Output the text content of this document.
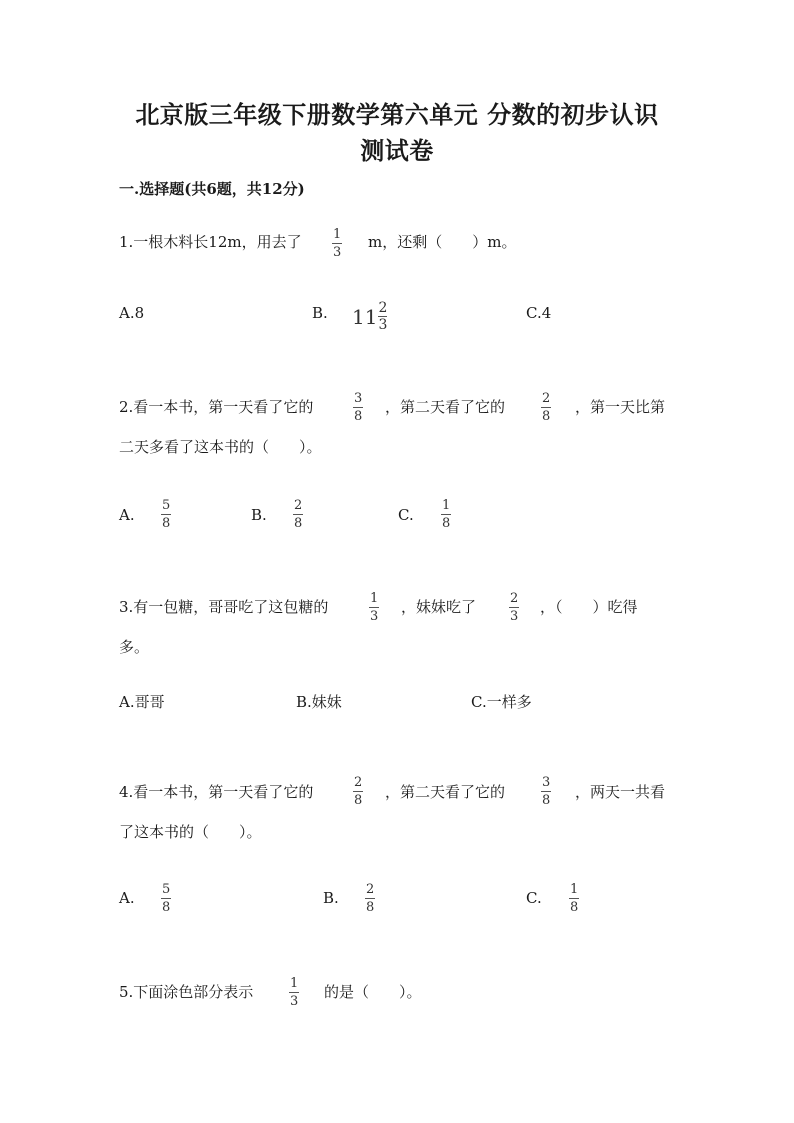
北京版三年级下册数学第六单元 分数的初步认识
测试卷
一.选择题(共6题，共12分)
1.一根木料长12m，用去了 1
3
m，还剩（　　）m。
A.8	B. 11 2
3
C.4
2.看一本书，第一天看了它的	3
8
，第二天看了它的	2
8
，第一天比第
二天多看了这本书的（　　）。
A.
5
8	B.
2
8	C.
1
8
3.有一包糖，哥哥吃了这包糖的	1
3
，妹妹吃了	2
3
，（　　）吃得
多。
A.哥哥	B.妹妹	C.一样多
4.看一本书，第一天看了它的
2
8 ，第二天看了它的
3
8 ，两天一共看
了这本书的（　　）。
A. 5
8
B. 2
8
C. 1
8
5.下面涂色部分表示	1
3
的是（　　）。
